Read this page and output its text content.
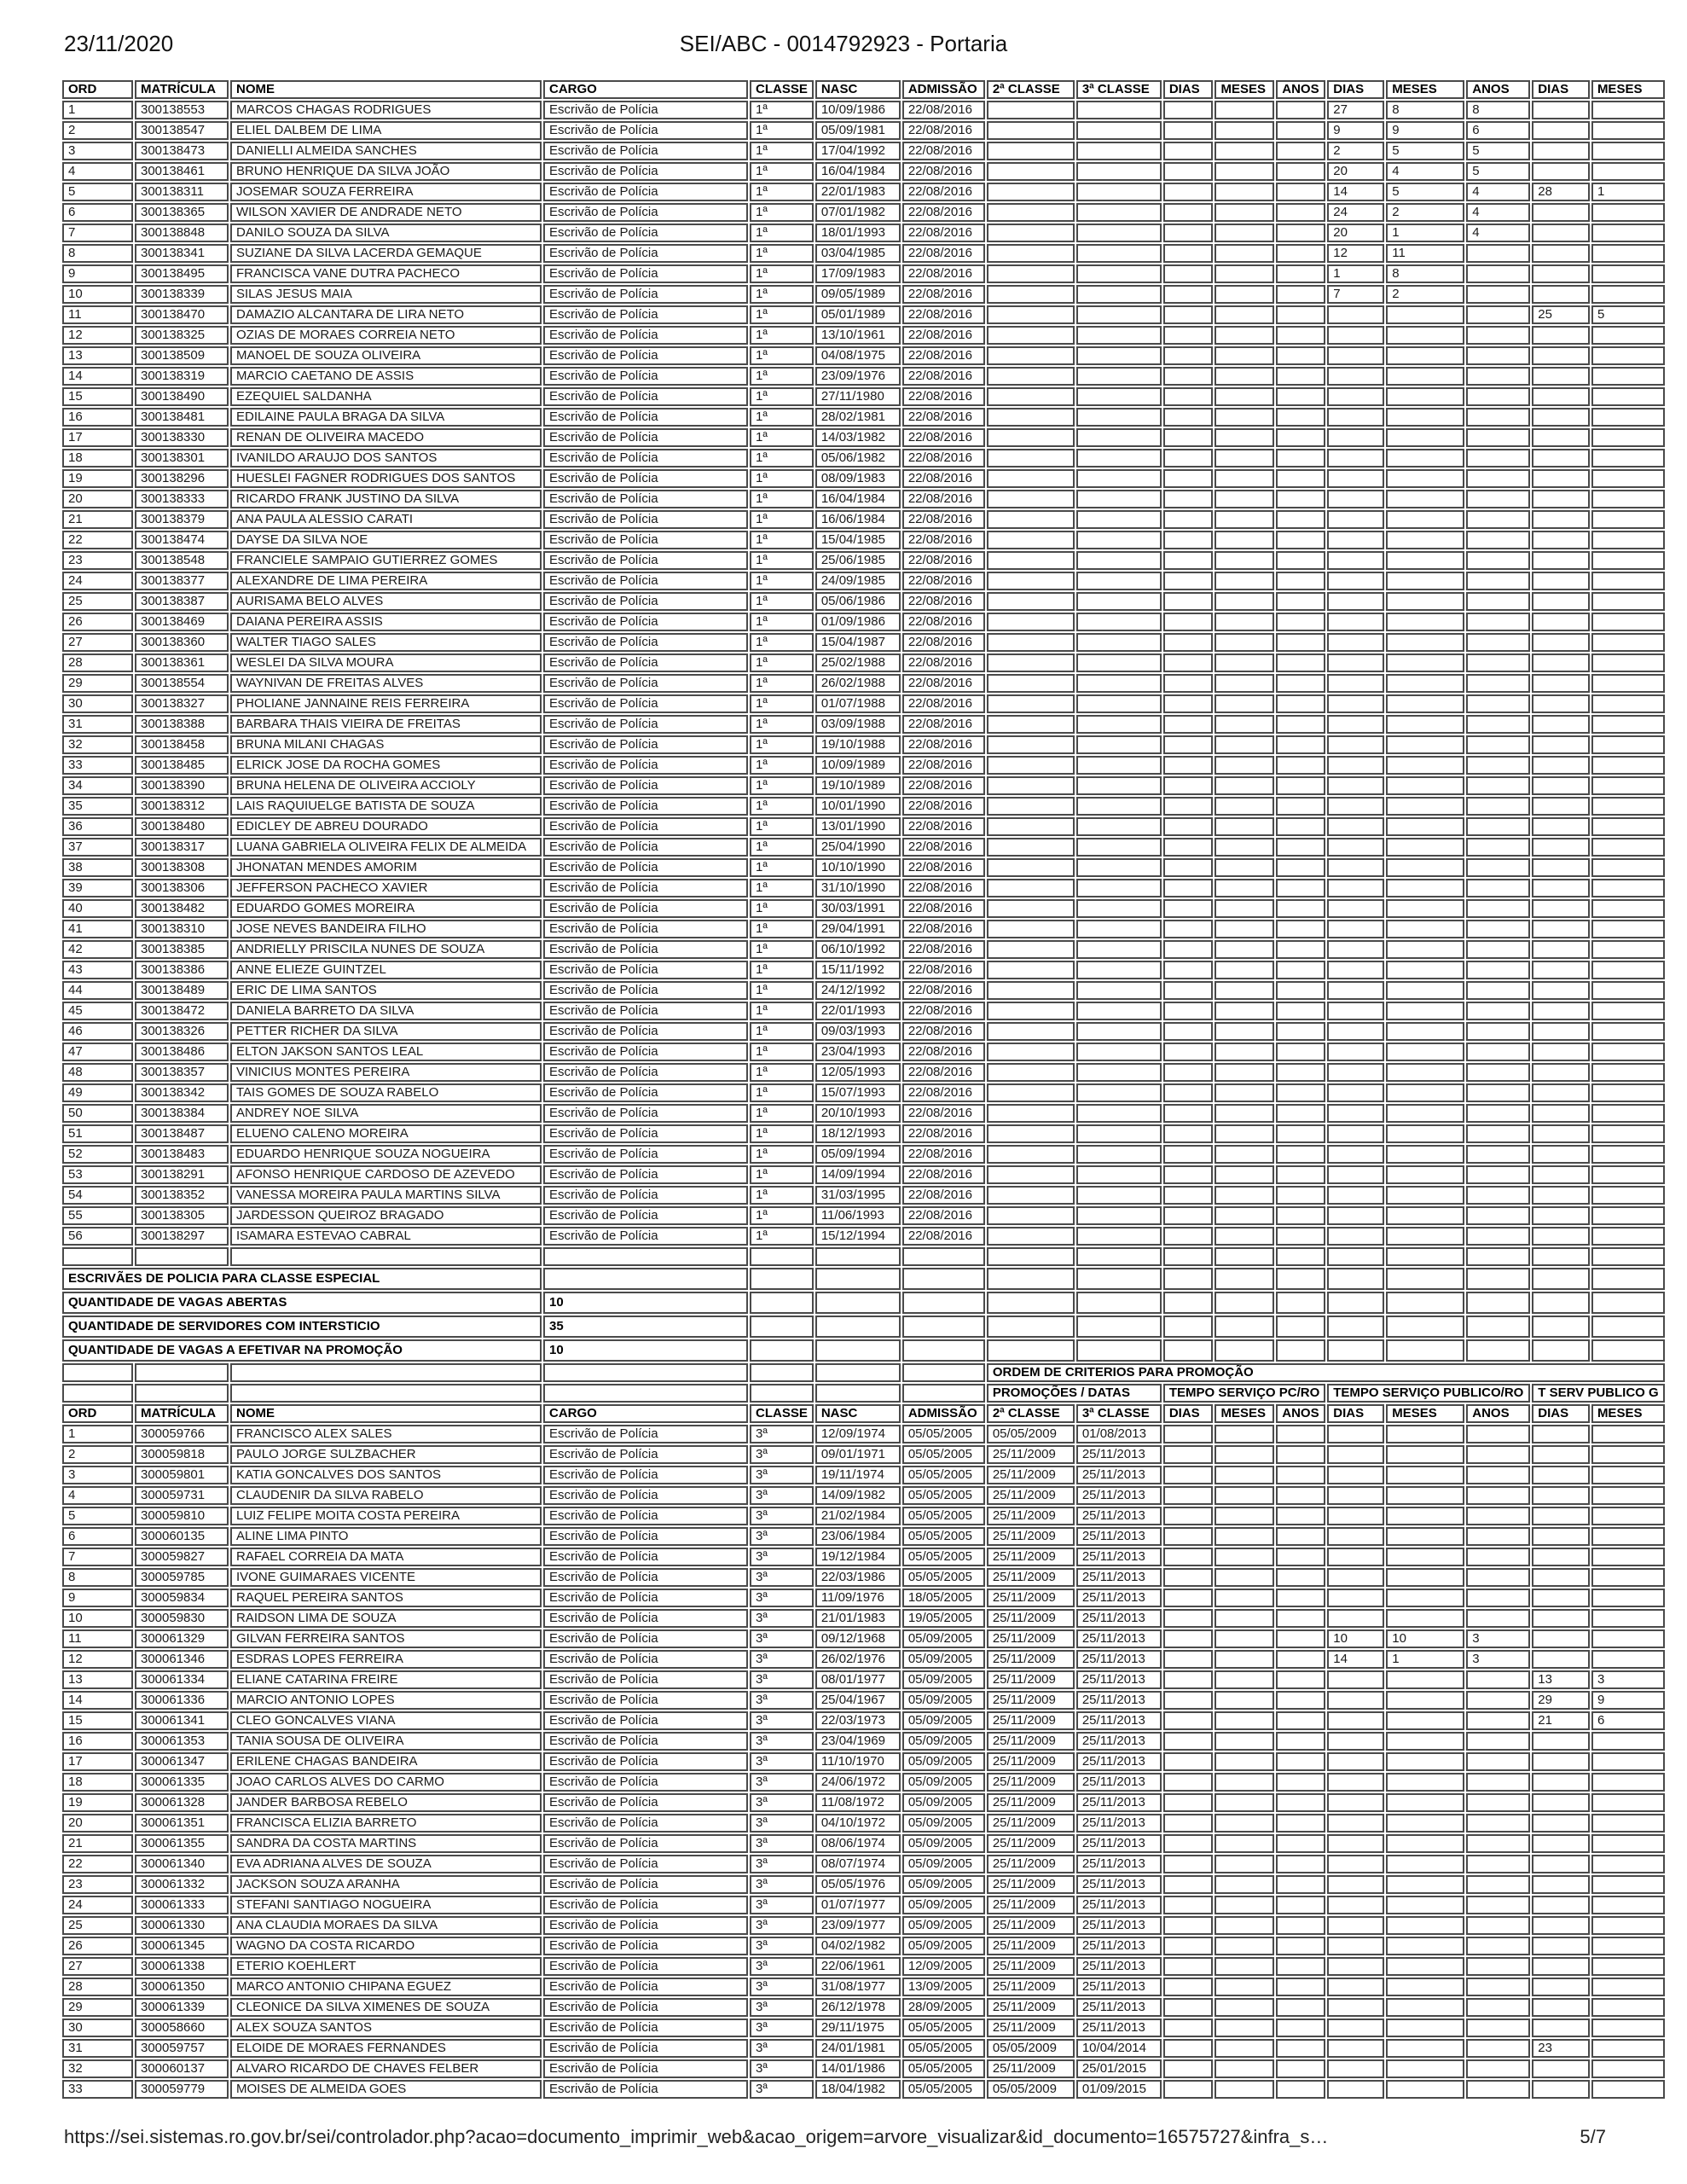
23/11/2020	SEI/ABC - 0014792923 - Portaria
ORD	MATRÍCULA	NOME	CARGO	CLASSE	NASC	ADMISSÃO	2ª CLASSE	3ª CLASSE	DIAS	MESES	ANOS	DIAS	MESES	ANOS	DIAS	MESES
1	300138553	MARCOS CHAGAS RODRIGUES	Escrivão de Polícia	1ª	10/09/1986	22/08/2016						27	8	8		
2	300138547	ELIEL DALBEM DE LIMA	Escrivão de Polícia	1ª	05/09/1981	22/08/2016						9	9	6		
3	300138473	DANIELLI ALMEIDA SANCHES	Escrivão de Polícia	1ª	17/04/1992	22/08/2016						2	5	5		
4	300138461	BRUNO HENRIQUE DA SILVA JOÃO	Escrivão de Polícia	1ª	16/04/1984	22/08/2016						20	4	5		
5	300138311	JOSEMAR SOUZA FERREIRA	Escrivão de Polícia	1ª	22/01/1983	22/08/2016						14	5	4	28	1
6	300138365	WILSON XAVIER DE ANDRADE NETO	Escrivão de Polícia	1ª	07/01/1982	22/08/2016						24	2	4		
7	300138848	DANILO SOUZA DA SILVA	Escrivão de Polícia	1ª	18/01/1993	22/08/2016						20	1	4		
8	300138341	SUZIANE DA SILVA LACERDA GEMAQUE	Escrivão de Polícia	1ª	03/04/1985	22/08/2016						12	11			
9	300138495	FRANCISCA VANE DUTRA PACHECO	Escrivão de Polícia	1ª	17/09/1983	22/08/2016						1	8			
10	300138339	SILAS JESUS MAIA	Escrivão de Polícia	1ª	09/05/1989	22/08/2016						7	2			
11	300138470	DAMAZIO ALCANTARA DE LIRA NETO	Escrivão de Polícia	1ª	05/01/1989	22/08/2016									25	5
12	300138325	OZIAS DE MORAES CORREIA NETO	Escrivão de Polícia	1ª	13/10/1961	22/08/2016										
13	300138509	MANOEL DE SOUZA OLIVEIRA	Escrivão de Polícia	1ª	04/08/1975	22/08/2016										
14	300138319	MARCIO CAETANO DE ASSIS	Escrivão de Polícia	1ª	23/09/1976	22/08/2016										
15	300138490	EZEQUIEL SALDANHA	Escrivão de Polícia	1ª	27/11/1980	22/08/2016										
16	300138481	EDILAINE PAULA BRAGA DA SILVA	Escrivão de Polícia	1ª	28/02/1981	22/08/2016										
17	300138330	RENAN DE OLIVEIRA MACEDO	Escrivão de Polícia	1ª	14/03/1982	22/08/2016										
18	300138301	IVANILDO ARAUJO DOS SANTOS	Escrivão de Polícia	1ª	05/06/1982	22/08/2016										
19	300138296	HUESLEI FAGNER RODRIGUES DOS SANTOS	Escrivão de Polícia	1ª	08/09/1983	22/08/2016										
20	300138333	RICARDO FRANK JUSTINO DA SILVA	Escrivão de Polícia	1ª	16/04/1984	22/08/2016										
21	300138379	ANA PAULA ALESSIO CARATI	Escrivão de Polícia	1ª	16/06/1984	22/08/2016										
22	300138474	DAYSE DA SILVA NOE	Escrivão de Polícia	1ª	15/04/1985	22/08/2016										
23	300138548	FRANCIELE SAMPAIO GUTIERREZ GOMES	Escrivão de Polícia	1ª	25/06/1985	22/08/2016										
24	300138377	ALEXANDRE DE LIMA PEREIRA	Escrivão de Polícia	1ª	24/09/1985	22/08/2016										
25	300138387	AURISAMA BELO ALVES	Escrivão de Polícia	1ª	05/06/1986	22/08/2016										
26	300138469	DAIANA PEREIRA ASSIS	Escrivão de Polícia	1ª	01/09/1986	22/08/2016										
27	300138360	WALTER TIAGO SALES	Escrivão de Polícia	1ª	15/04/1987	22/08/2016										
28	300138361	WESLEI DA SILVA MOURA	Escrivão de Polícia	1ª	25/02/1988	22/08/2016										
29	300138554	WAYNIVAN DE FREITAS ALVES	Escrivão de Polícia	1ª	26/02/1988	22/08/2016										
30	300138327	PHOLIANE JANNAINE REIS FERREIRA	Escrivão de Polícia	1ª	01/07/1988	22/08/2016										
31	300138388	BARBARA THAIS VIEIRA DE FREITAS	Escrivão de Polícia	1ª	03/09/1988	22/08/2016										
32	300138458	BRUNA MILANI CHAGAS	Escrivão de Polícia	1ª	19/10/1988	22/08/2016										
33	300138485	ELRICK JOSE DA ROCHA GOMES	Escrivão de Polícia	1ª	10/09/1989	22/08/2016										
34	300138390	BRUNA HELENA DE OLIVEIRA ACCIOLY	Escrivão de Polícia	1ª	19/10/1989	22/08/2016										
35	300138312	LAIS RAQUIUELGE BATISTA DE SOUZA	Escrivão de Polícia	1ª	10/01/1990	22/08/2016										
36	300138480	EDICLEY DE ABREU DOURADO	Escrivão de Polícia	1ª	13/01/1990	22/08/2016										
37	300138317	LUANA GABRIELA OLIVEIRA FELIX DE ALMEIDA	Escrivão de Polícia	1ª	25/04/1990	22/08/2016										
38	300138308	JHONATAN MENDES AMORIM	Escrivão de Polícia	1ª	10/10/1990	22/08/2016										
39	300138306	JEFFERSON PACHECO XAVIER	Escrivão de Polícia	1ª	31/10/1990	22/08/2016										
40	300138482	EDUARDO GOMES MOREIRA	Escrivão de Polícia	1ª	30/03/1991	22/08/2016										
41	300138310	JOSE NEVES BANDEIRA FILHO	Escrivão de Polícia	1ª	29/04/1991	22/08/2016										
42	300138385	ANDRIELLY PRISCILA NUNES DE SOUZA	Escrivão de Polícia	1ª	06/10/1992	22/08/2016										
43	300138386	ANNE ELIEZE GUINTZEL	Escrivão de Polícia	1ª	15/11/1992	22/08/2016										
44	300138489	ERIC DE LIMA SANTOS	Escrivão de Polícia	1ª	24/12/1992	22/08/2016										
45	300138472	DANIELA BARRETO DA SILVA	Escrivão de Polícia	1ª	22/01/1993	22/08/2016										
46	300138326	PETTER RICHER DA SILVA	Escrivão de Polícia	1ª	09/03/1993	22/08/2016										
47	300138486	ELTON JAKSON SANTOS LEAL	Escrivão de Polícia	1ª	23/04/1993	22/08/2016										
48	300138357	VINICIUS MONTES PEREIRA	Escrivão de Polícia	1ª	12/05/1993	22/08/2016										
49	300138342	TAIS GOMES DE SOUZA RABELO	Escrivão de Polícia	1ª	15/07/1993	22/08/2016										
50	300138384	ANDREY NOE SILVA	Escrivão de Polícia	1ª	20/10/1993	22/08/2016										
51	300138487	ELUENO CALENO MOREIRA	Escrivão de Polícia	1ª	18/12/1993	22/08/2016										
52	300138483	EDUARDO HENRIQUE SOUZA NOGUEIRA	Escrivão de Polícia	1ª	05/09/1994	22/08/2016										
53	300138291	AFONSO HENRIQUE CARDOSO DE AZEVEDO	Escrivão de Polícia	1ª	14/09/1994	22/08/2016										
54	300138352	VANESSA MOREIRA PAULA MARTINS SILVA	Escrivão de Polícia	1ª	31/03/1995	22/08/2016										
55	300138305	JARDESSON QUEIROZ BRAGADO	Escrivão de Polícia	1ª	11/06/1993	22/08/2016										
56	300138297	ISAMARA ESTEVAO CABRAL	Escrivão de Polícia	1ª	15/12/1994	22/08/2016										

ESCRIVÃES DE POLICIA PARA CLASSE ESPECIAL																
QUANTIDADE DE VAGAS ABERTAS			10													
QUANTIDADE DE SERVIDORES COM INTERSTICIO			35													
QUANTIDADE DE VAGAS A EFETIVAR NA PROMOÇÃO			10													
							ORDEM DE CRITERIOS PARA PROMOÇÃO									
							PROMOÇÕES / DATAS		TEMPO SERVIÇO PC/RO			TEMPO SERVIÇO PUBLICO/RO			T SERV PUBLICO G	
ORD	MATRÍCULA	NOME	CARGO	CLASSE	NASC	ADMISSÃO	2ª CLASSE	3ª CLASSE	DIAS	MESES	ANOS	DIAS	MESES	ANOS	DIAS	MESES
1	300059766	FRANCISCO ALEX SALES	Escrivão de Polícia	3ª	12/09/1974	05/05/2005	05/05/2009	01/08/2013								
2	300059818	PAULO JORGE SULZBACHER	Escrivão de Polícia	3ª	09/01/1971	05/05/2005	25/11/2009	25/11/2013								
3	300059801	KATIA GONCALVES DOS SANTOS	Escrivão de Polícia	3ª	19/11/1974	05/05/2005	25/11/2009	25/11/2013								
4	300059731	CLAUDENIR DA SILVA RABELO	Escrivão de Polícia	3ª	14/09/1982	05/05/2005	25/11/2009	25/11/2013								
5	300059810	LUIZ FELIPE MOITA COSTA PEREIRA	Escrivão de Polícia	3ª	21/02/1984	05/05/2005	25/11/2009	25/11/2013								
6	300060135	ALINE LIMA PINTO	Escrivão de Polícia	3ª	23/06/1984	05/05/2005	25/11/2009	25/11/2013								
7	300059827	RAFAEL CORREIA DA MATA	Escrivão de Polícia	3ª	19/12/1984	05/05/2005	25/11/2009	25/11/2013								
8	300059785	IVONE GUIMARAES VICENTE	Escrivão de Polícia	3ª	22/03/1986	05/05/2005	25/11/2009	25/11/2013								
9	300059834	RAQUEL PEREIRA SANTOS	Escrivão de Polícia	3ª	11/09/1976	18/05/2005	25/11/2009	25/11/2013								
10	300059830	RAIDSON LIMA DE SOUZA	Escrivão de Polícia	3ª	21/01/1983	19/05/2005	25/11/2009	25/11/2013								
11	300061329	GILVAN FERREIRA SANTOS	Escrivão de Polícia	3ª	09/12/1968	05/09/2005	25/11/2009	25/11/2013				10	10	3		
12	300061346	ESDRAS LOPES FERREIRA	Escrivão de Polícia	3ª	26/02/1976	05/09/2005	25/11/2009	25/11/2013				14	1	3		
13	300061334	ELIANE CATARINA FREIRE	Escrivão de Polícia	3ª	08/01/1977	05/09/2005	25/11/2009	25/11/2013							13	3
14	300061336	MARCIO ANTONIO LOPES	Escrivão de Polícia	3ª	25/04/1967	05/09/2005	25/11/2009	25/11/2013							29	9
15	300061341	CLEO GONCALVES VIANA	Escrivão de Polícia	3ª	22/03/1973	05/09/2005	25/11/2009	25/11/2013							21	6
16	300061353	TANIA SOUSA DE OLIVEIRA	Escrivão de Polícia	3ª	23/04/1969	05/09/2005	25/11/2009	25/11/2013								
17	300061347	ERILENE CHAGAS BANDEIRA	Escrivão de Polícia	3ª	11/10/1970	05/09/2005	25/11/2009	25/11/2013								
18	300061335	JOAO CARLOS ALVES DO CARMO	Escrivão de Polícia	3ª	24/06/1972	05/09/2005	25/11/2009	25/11/2013								
19	300061328	JANDER BARBOSA REBELO	Escrivão de Polícia	3ª	11/08/1972	05/09/2005	25/11/2009	25/11/2013								
20	300061351	FRANCISCA ELIZIA BARRETO	Escrivão de Polícia	3ª	04/10/1972	05/09/2005	25/11/2009	25/11/2013								
21	300061355	SANDRA DA COSTA MARTINS	Escrivão de Polícia	3ª	08/06/1974	05/09/2005	25/11/2009	25/11/2013								
22	300061340	EVA ADRIANA ALVES DE SOUZA	Escrivão de Polícia	3ª	08/07/1974	05/09/2005	25/11/2009	25/11/2013								
23	300061332	JACKSON SOUZA ARANHA	Escrivão de Polícia	3ª	05/05/1976	05/09/2005	25/11/2009	25/11/2013								
24	300061333	STEFANI SANTIAGO NOGUEIRA	Escrivão de Polícia	3ª	01/07/1977	05/09/2005	25/11/2009	25/11/2013								
25	300061330	ANA CLAUDIA MORAES DA SILVA	Escrivão de Polícia	3ª	23/09/1977	05/09/2005	25/11/2009	25/11/2013								
26	300061345	WAGNO DA COSTA RICARDO	Escrivão de Polícia	3ª	04/02/1982	05/09/2005	25/11/2009	25/11/2013								
27	300061338	ETERIO KOEHLERT	Escrivão de Polícia	3ª	22/06/1961	12/09/2005	25/11/2009	25/11/2013								
28	300061350	MARCO ANTONIO CHIPANA EGUEZ	Escrivão de Polícia	3ª	31/08/1977	13/09/2005	25/11/2009	25/11/2013								
29	300061339	CLEONICE DA SILVA XIMENES DE SOUZA	Escrivão de Polícia	3ª	26/12/1978	28/09/2005	25/11/2009	25/11/2013								
30	300058660	ALEX SOUZA SANTOS	Escrivão de Polícia	3ª	29/11/1975	05/05/2005	25/11/2009	25/11/2013								
31	300059757	ELOIDE DE MORAES FERNANDES	Escrivão de Polícia	3ª	24/01/1981	05/05/2005	05/05/2009	10/04/2014							23	
32	300060137	ALVARO RICARDO DE CHAVES FELBER	Escrivão de Polícia	3ª	14/01/1986	05/05/2005	25/11/2009	25/01/2015								
33	300059779	MOISES DE ALMEIDA GOES	Escrivão de Polícia	3ª	18/04/1982	05/05/2005	05/05/2009	01/09/2015								
https://sei.sistemas.ro.gov.br/sei/controlador.php?acao=documento_imprimir_web&acao_origem=arvore_visualizar&id_documento=16575727&infra_s…	5/7
